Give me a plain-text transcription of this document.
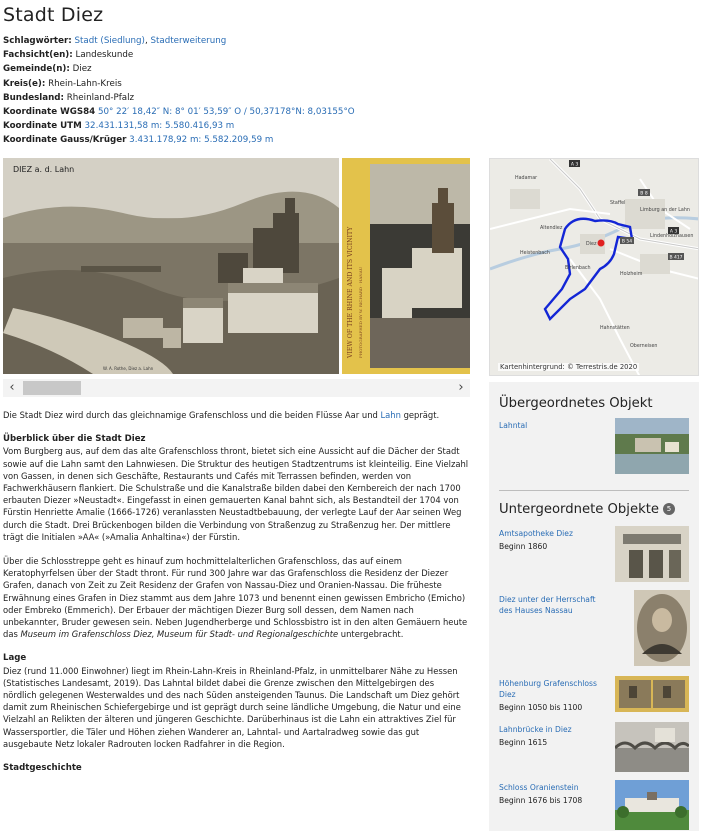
Stadt Diez
Schlagwörter: Stadt (Siedlung), Stadterweiterung
Fachsicht(en): Landeskunde
Gemeinde(n): Diez
Kreis(e): Rhein-Lahn-Kreis
Bundesland: Rheinland-Pfalz
Koordinate WGS84 50° 22′ 18,42″ N: 8° 01′ 53,59″ O / 50,37178°N: 8,03155°O
Koordinate UTM 32.431.131,58 m: 5.580.416,93 m
Koordinate Gauss/Krüger 3.431.178,92 m: 5.582.209,59 m
DIEZ a. d. Lahn
W. A. Rothe, Diez a. Lahn
VIEW OF THE RHINE AND ITS VICINITY PHOTOGRAPHED BY W. RICHARD · HANAU
‹	›
A 3
A 3
B 8
B 54
B 417
Limburg an der Lahn
Diez
Hadamar
Birlenbach
Altendiez
Heistenbach
Holzheim
Hahnstätten
Oberneisen
Lindenholzhausen
Staffel
Kartenhintergrund: © Terrestris.de 2020

Die Stadt Diez wird durch das gleichnamige Grafenschloss und die beiden Flüsse Aar und Lahn geprägt.

Überblick über die Stadt Diez

Vom Burgberg aus, auf dem das alte Grafenschloss thront, bietet sich eine Aussicht auf die Dächer der Stadt sowie auf die Lahn samt den Lahnwiesen. Die Struktur des heutigen Stadtzentrums ist kleinteilig. Eine Vielzahl von Gassen, in denen sich Geschäfte, Restaurants und Cafés mit Terrassen befinden, werden von Fachwerkhäusern flankiert. Die Schulstraße und die Kanalstraße bilden dabei den Kernbereich der nach 1700 erbauten Diezer »Neustadt«. Eingefasst in einen gemauerten Kanal bahnt sich, als Bestandteil der 1704 von Fürstin Henriette Amalie (1666-1726) veranlassten Neustadtbebauung, der verlegte Lauf der Aar seinen Weg durch die Stadt. Drei Brückenbogen bilden die Verbindung von Straßenzug zu Straßenzug her. Der mittlere trägt die Initialen »AA« (»Amalia Anhaltina«) der Fürstin.

Über die Schlosstreppe geht es hinauf zum hochmittelalterlichen Grafenschloss, das auf einem Keratophyrfelsen über der Stadt thront. Für rund 300 Jahre war das Grafenschloss die Residenz der Diezer Grafen, danach von Zeit zu Zeit Residenz der Grafen von Nassau-Diez und Oranien-Nassau. Die früheste Erwähnung eines Grafen in Diez stammt aus dem Jahre 1073 und benennt einen gewissen Embricho (Emicho) oder Embreko (Emmerich). Der Erbauer der mächtigen Diezer Burg soll dessen, dem Namen nach unbekannter, Bruder gewesen sein. Neben Jugendherberge und Schlossbistro ist in den alten Gemäuern heute das Museum im Grafenschloss Diez, Museum für Stadt- und Regionalgeschichte untergebracht.

Lage

Diez (rund 11.000 Einwohner) liegt im Rhein-Lahn-Kreis in Rheinland-Pfalz, in unmittelbarer Nähe zu Hessen (Statistisches Landesamt, 2019). Das Lahntal bildet dabei die Grenze zwischen den Mittelgebirgen des nördlich gelegenen Westerwaldes und des nach Süden ansteigenden Taunus. Die Landschaft um Diez gehört damit zum Rheinischen Schiefergebirge und ist geprägt durch seine ländliche Umgebung, die Natur und eine Vielzahl an Relikten der älteren und jüngeren Geschichte. Darüberhinaus ist die Lahn ein attraktives Ziel für Wassersportler, die Täler und Höhen ziehen Wanderer an, Lahntal- und Aartalradweg sowie das gut ausgebaute Netz lokaler Radrouten locken Radfahrer in die Region.

Stadtgeschichte
Übergeordnetes Objekt
Lahntal
Untergeordnete Objekte 5
Amtsapotheke Diez
Beginn 1860
Diez unter der Herrschaft des Hauses Nassau
Höhenburg Grafenschloss Diez
Beginn 1050 bis 1100
Lahnbrücke in Diez
Beginn 1615
Schloss Oranienstein
Beginn 1676 bis 1708
